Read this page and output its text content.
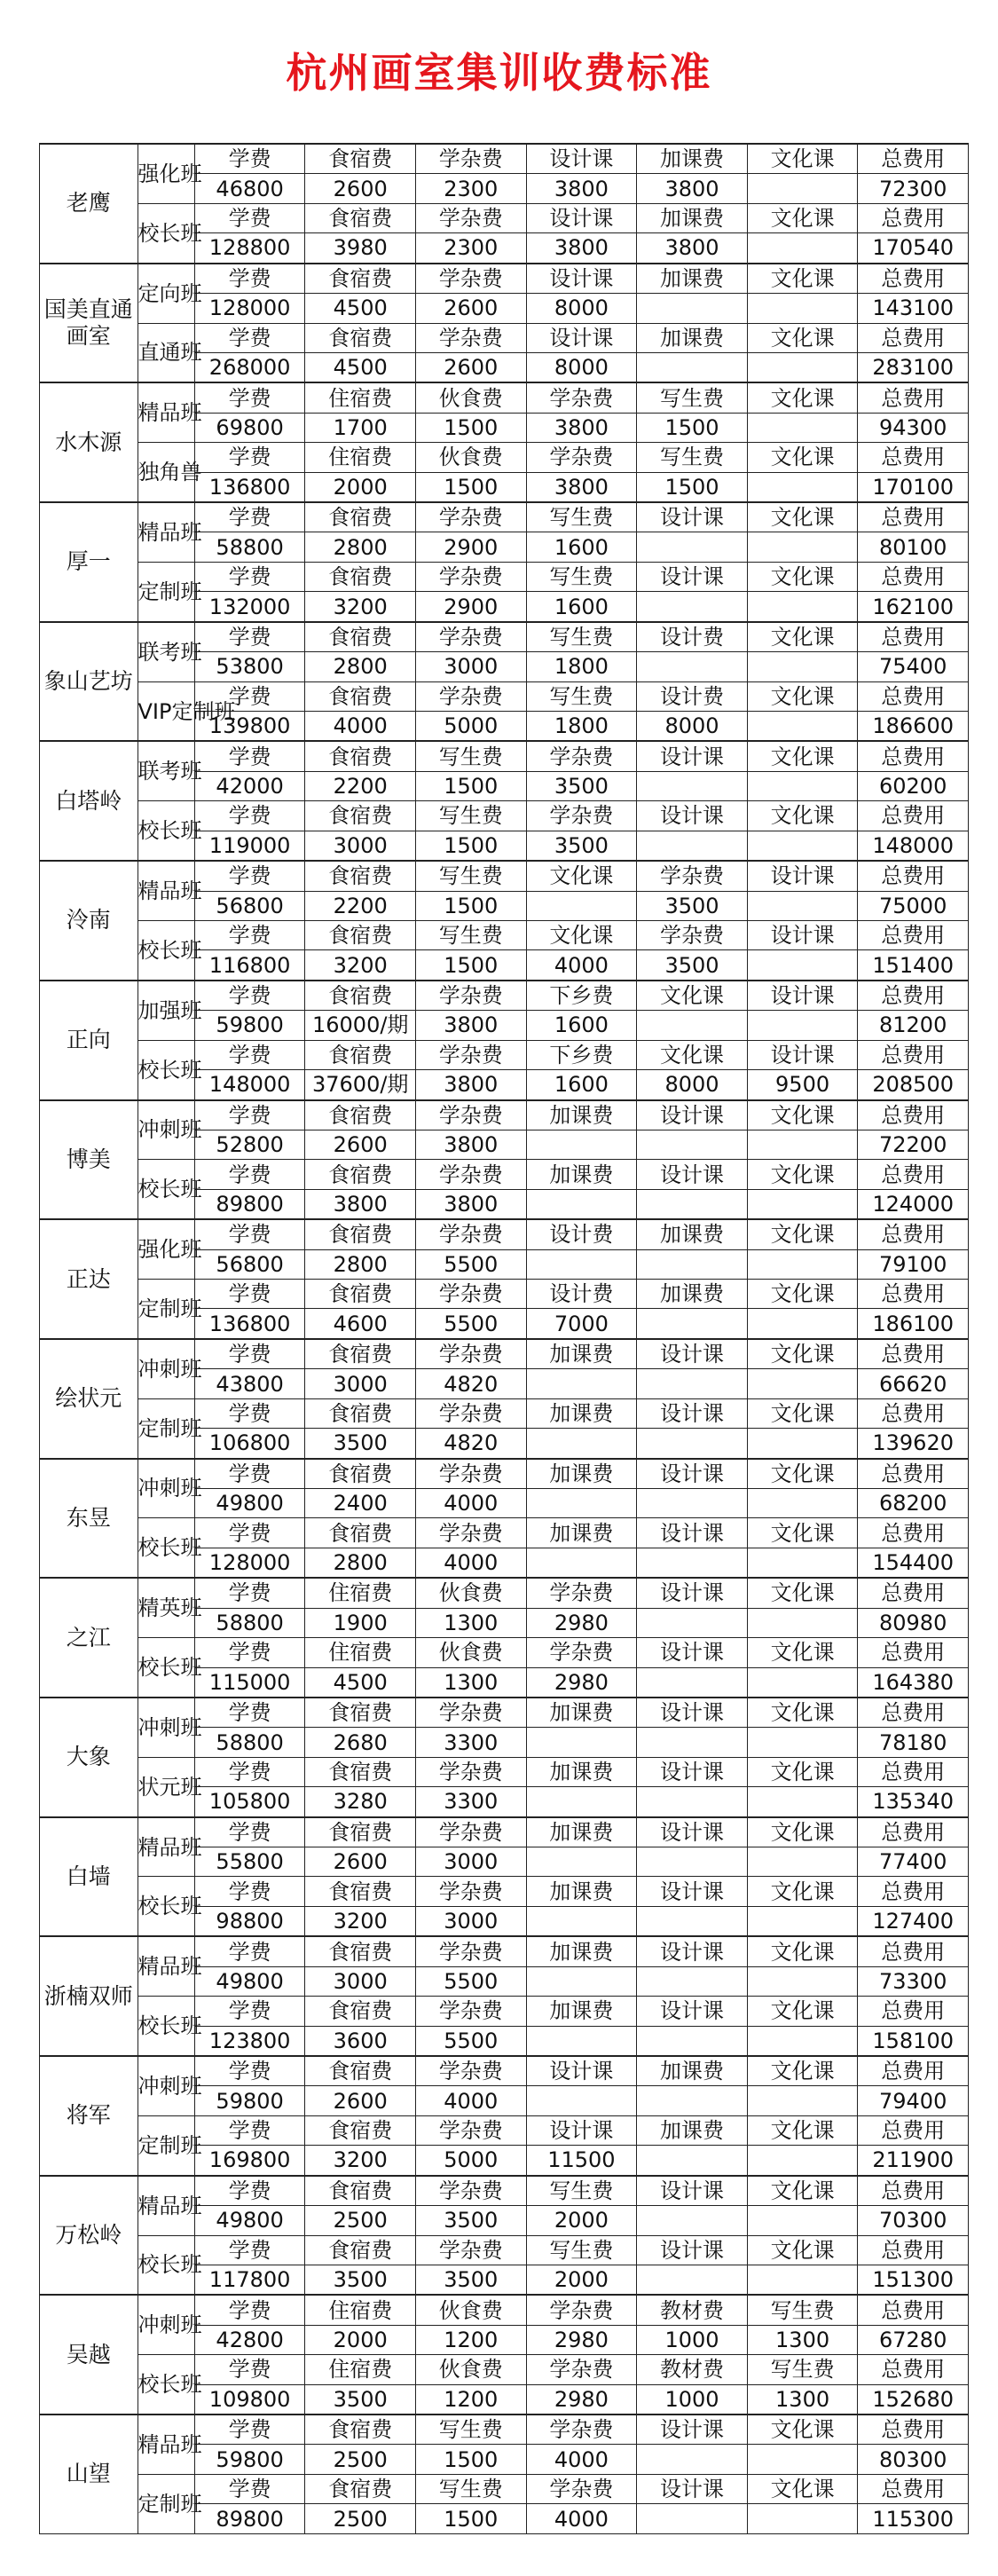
杭州画室集训收费标准
老鹰	强化班	学费	食宿费	学杂费	设计课	加课费	文化课	总费用
		46800	2600	2300	3800	3800		72300
	校长班	学费	食宿费	学杂费	设计课	加课费	文化课	总费用
		128800	3980	2300	3800	3800		170540
国美直通画室	定向班	学费	食宿费	学杂费	设计课	加课费	文化课	总费用
		128000	4500	2600	8000			143100
	直通班	学费	食宿费	学杂费	设计课	加课费	文化课	总费用
		268000	4500	2600	8000			283100
水木源	精品班	学费	住宿费	伙食费	学杂费	写生费	文化课	总费用
		69800	1700	1500	3800	1500		94300
	独角兽	学费	住宿费	伙食费	学杂费	写生费	文化课	总费用
		136800	2000	1500	3800	1500		170100
厚一	精品班	学费	食宿费	学杂费	写生费	设计课	文化课	总费用
		58800	2800	2900	1600			80100
	定制班	学费	食宿费	学杂费	写生费	设计课	文化课	总费用
		132000	3200	2900	1600			162100
象山艺坊	联考班	学费	食宿费	学杂费	写生费	设计费	文化课	总费用
		53800	2800	3000	1800			75400
	VIP定制班	学费	食宿费	学杂费	写生费	设计费	文化课	总费用
		139800	4000	5000	1800	8000		186600
白塔岭	联考班	学费	食宿费	写生费	学杂费	设计课	文化课	总费用
		42000	2200	1500	3500			60200
	校长班	学费	食宿费	写生费	学杂费	设计课	文化课	总费用
		119000	3000	1500	3500			148000
泠南	精品班	学费	食宿费	写生费	文化课	学杂费	设计课	总费用
		56800	2200	1500		3500		75000
	校长班	学费	食宿费	写生费	文化课	学杂费	设计课	总费用
		116800	3200	1500	4000	3500		151400
正向	加强班	学费	食宿费	学杂费	下乡费	文化课	设计课	总费用
		59800	16000/期	3800	1600			81200
	校长班	学费	食宿费	学杂费	下乡费	文化课	设计课	总费用
		148000	37600/期	3800	1600	8000	9500	208500
博美	冲刺班	学费	食宿费	学杂费	加课费	设计课	文化课	总费用
		52800	2600	3800				72200
	校长班	学费	食宿费	学杂费	加课费	设计课	文化课	总费用
		89800	3800	3800				124000
正达	强化班	学费	食宿费	学杂费	设计费	加课费	文化课	总费用
		56800	2800	5500				79100
	定制班	学费	食宿费	学杂费	设计费	加课费	文化课	总费用
		136800	4600	5500	7000			186100
绘状元	冲刺班	学费	食宿费	学杂费	加课费	设计课	文化课	总费用
		43800	3000	4820				66620
	定制班	学费	食宿费	学杂费	加课费	设计课	文化课	总费用
		106800	3500	4820				139620
东昱	冲刺班	学费	食宿费	学杂费	加课费	设计课	文化课	总费用
		49800	2400	4000				68200
	校长班	学费	食宿费	学杂费	加课费	设计课	文化课	总费用
		128000	2800	4000				154400
之江	精英班	学费	住宿费	伙食费	学杂费	设计课	文化课	总费用
		58800	1900	1300	2980			80980
	校长班	学费	住宿费	伙食费	学杂费	设计课	文化课	总费用
		115000	4500	1300	2980			164380
大象	冲刺班	学费	食宿费	学杂费	加课费	设计课	文化课	总费用
		58800	2680	3300				78180
	状元班	学费	食宿费	学杂费	加课费	设计课	文化课	总费用
		105800	3280	3300				135340
白墙	精品班	学费	食宿费	学杂费	加课费	设计课	文化课	总费用
		55800	2600	3000				77400
	校长班	学费	食宿费	学杂费	加课费	设计课	文化课	总费用
		98800	3200	3000				127400
浙楠双师	精品班	学费	食宿费	学杂费	加课费	设计课	文化课	总费用
		49800	3000	5500				73300
	校长班	学费	食宿费	学杂费	加课费	设计课	文化课	总费用
		123800	3600	5500				158100
将军	冲刺班	学费	食宿费	学杂费	设计课	加课费	文化课	总费用
		59800	2600	4000				79400
	定制班	学费	食宿费	学杂费	设计课	加课费	文化课	总费用
		169800	3200	5000	11500			211900
万松岭	精品班	学费	食宿费	学杂费	写生费	设计课	文化课	总费用
		49800	2500	3500	2000			70300
	校长班	学费	食宿费	学杂费	写生费	设计课	文化课	总费用
		117800	3500	3500	2000			151300
吴越	冲刺班	学费	住宿费	伙食费	学杂费	教材费	写生费	总费用
		42800	2000	1200	2980	1000	1300	67280
	校长班	学费	住宿费	伙食费	学杂费	教材费	写生费	总费用
		109800	3500	1200	2980	1000	1300	152680
山望	精品班	学费	食宿费	写生费	学杂费	设计课	文化课	总费用
		59800	2500	1500	4000			80300
	定制班	学费	食宿费	写生费	学杂费	设计课	文化课	总费用
		89800	2500	1500	4000			115300
